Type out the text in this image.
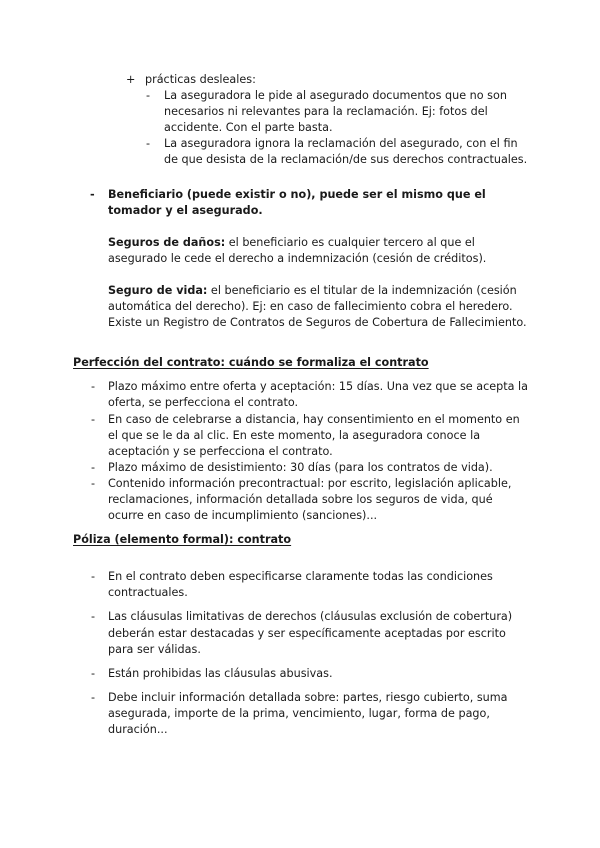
+ prácticas desleales:
- La aseguradora le pide al asegurado documentos que no son necesarios ni relevantes para la reclamación. Ej: fotos del accidente. Con el parte basta.
- La aseguradora ignora la reclamación del asegurado, con el fin de que desista de la reclamación/de sus derechos contractuales.
- Beneficiario (puede existir o no), puede ser el mismo que el tomador y el asegurado.
Seguros de daños: el beneficiario es cualquier tercero al que el asegurado le cede el derecho a indemnización (cesión de créditos).
Seguro de vida: el beneficiario es el titular de la indemnización (cesión automática del derecho). Ej: en caso de fallecimiento cobra el heredero. Existe un Registro de Contratos de Seguros de Cobertura de Fallecimiento.
Perfección del contrato: cuándo se formaliza el contrato
- Plazo máximo entre oferta y aceptación: 15 días. Una vez que se acepta la oferta, se perfecciona el contrato.
- En caso de celebrarse a distancia, hay consentimiento en el momento en el que se le da al clic. En este momento, la aseguradora conoce la aceptación y se perfecciona el contrato.
- Plazo máximo de desistimiento: 30 días (para los contratos de vida).
- Contenido información precontractual: por escrito, legislación aplicable, reclamaciones, información detallada sobre los seguros de vida, qué ocurre en caso de incumplimiento (sanciones)...
Póliza (elemento formal): contrato
- En el contrato deben especificarse claramente todas las condiciones contractuales.
- Las cláusulas limitativas de derechos (cláusulas exclusión de cobertura) deberán estar destacadas y ser específicamente aceptadas por escrito para ser válidas.
- Están prohibidas las cláusulas abusivas.
- Debe incluir información detallada sobre: partes, riesgo cubierto, suma asegurada, importe de la prima, vencimiento, lugar, forma de pago, duración...
